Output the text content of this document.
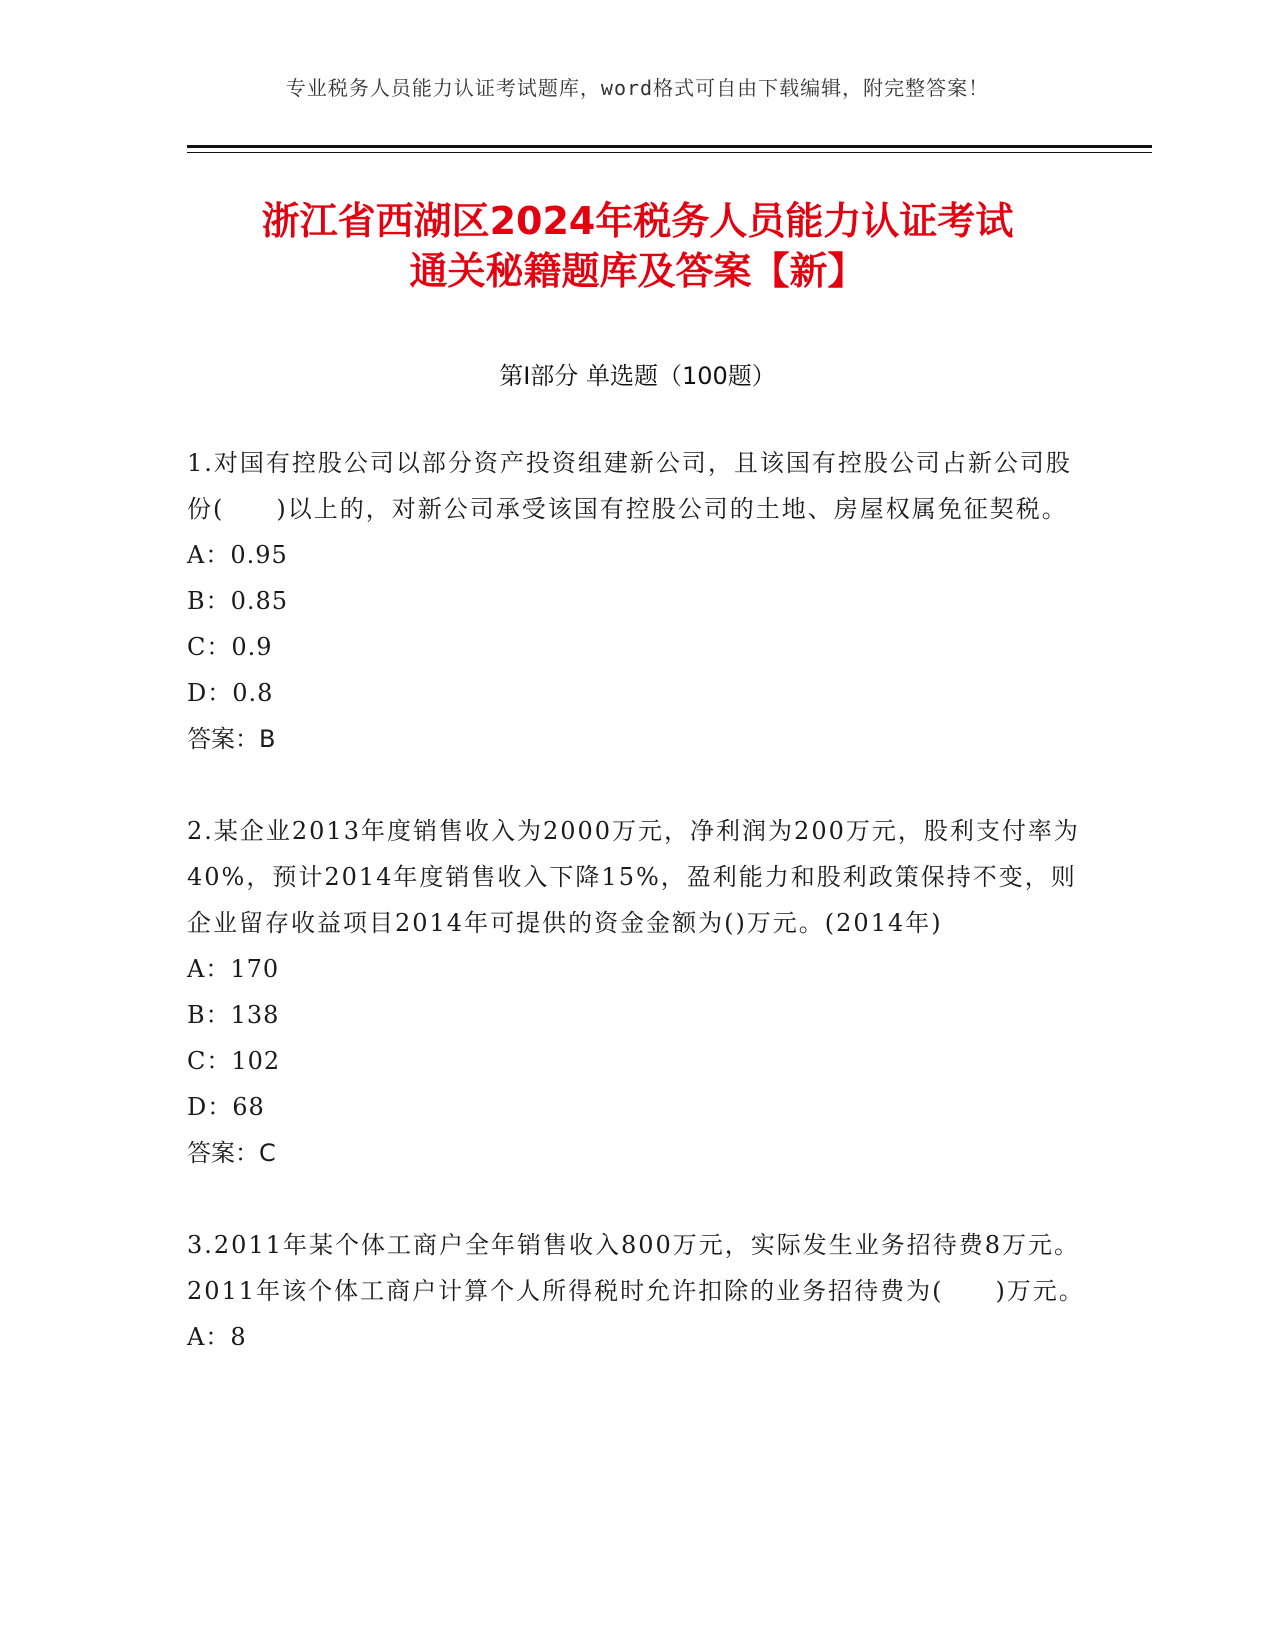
专业税务人员能力认证考试题库，word格式可自由下载编辑，附完整答案！
浙江省西湖区2024年税务人员能力认证考试
通关秘籍题库及答案【新】
第Ⅰ部分 单选题（100题）

1.对国有控股公司以部分资产投资组建新公司，且该国有控股公司占新公司股份(　　)以上的，对新公司承受该国有控股公司的土地、房屋权属免征契税。

A：0.95

B：0.85

C：0.9

D：0.8

答案：B

2.某企业2013年度销售收入为2000万元，净利润为200万元，股利支付率为40%，预计2014年度销售收入下降15%，盈利能力和股利政策保持不变，则企业留存收益项目2014年可提供的资金金额为()万元。(2014年)

A：170

B：138

C：102

D：68

答案：C

3.2011年某个体工商户全年销售收入800万元，实际发生业务招待费8万元。2011年该个体工商户计算个人所得税时允许扣除的业务招待费为(　　)万元。

A：8
